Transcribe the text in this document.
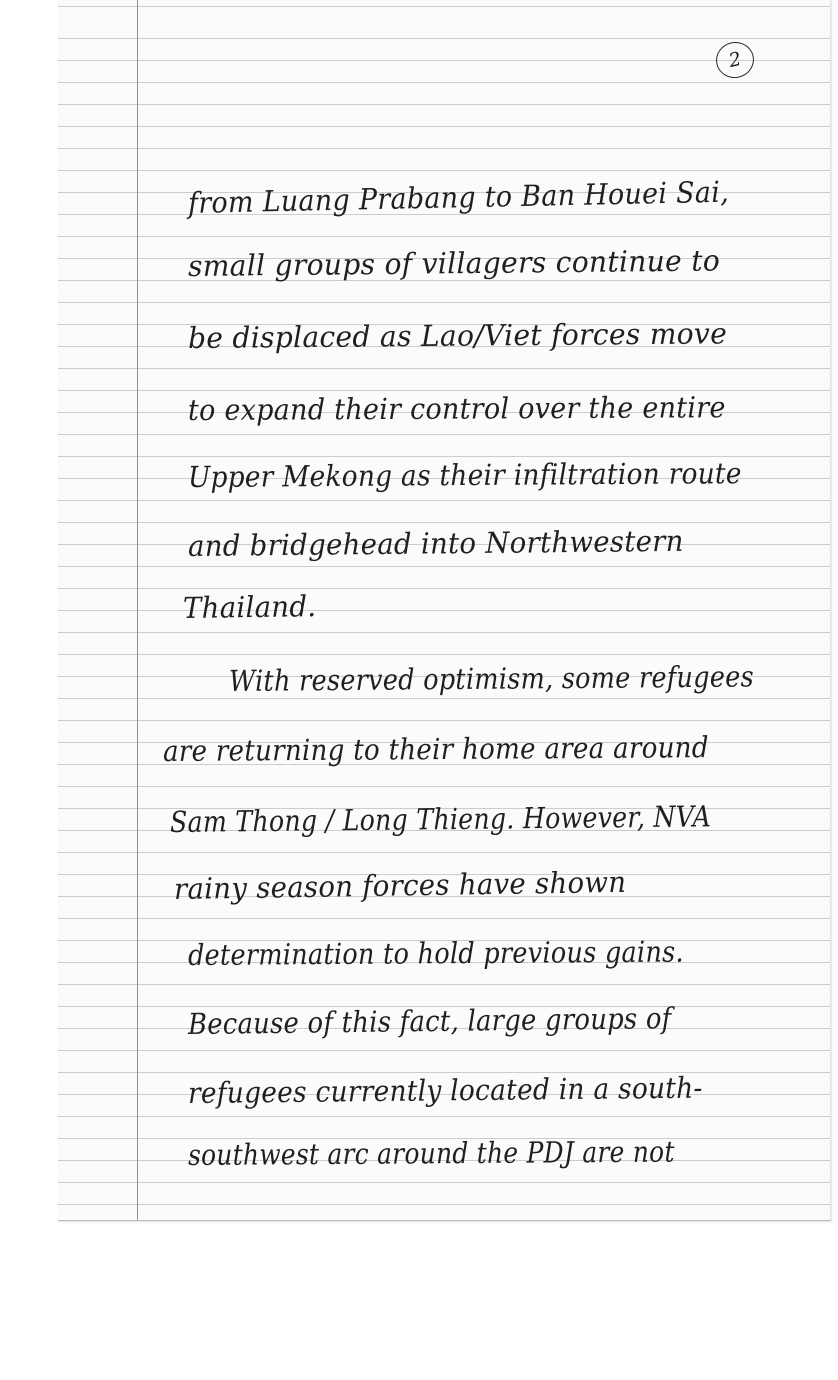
2

from Luang Prabang to Ban Houei Sai,

small groups of villagers continue to

be displaced as Lao/Viet forces move

to expand their control over the entire

Upper Mekong as their infiltration route

and bridgehead into Northwestern

Thailand.

With reserved optimism, some refugees

are returning to their home area around

Sam Thong / Long Thieng. However, NVA

rainy season forces have shown

determination to hold previous gains.

Because of this fact, large groups of

refugees currently located in a south-

southwest arc around the PDJ are not
